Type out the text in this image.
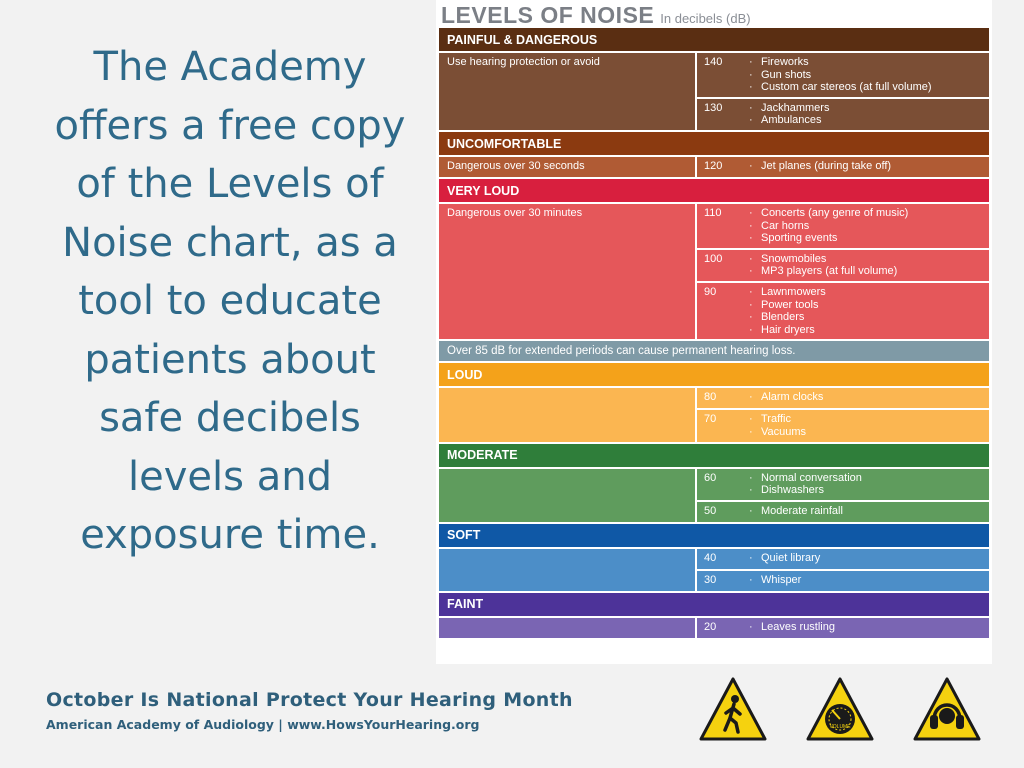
The Academy offers a free copy of the Levels of Noise chart, as a tool to educate patients about safe decibels levels and exposure time.
LEVELS OF NOISE In decibels (dB)
PAINFUL & DANGEROUS
Use hearing protection or avoid	140	· Fireworks
· Gun shots
· Custom car stereos (at full volume)
130	· Jackhammers
· Ambulances
UNCOMFORTABLE
Dangerous over 30 seconds	120	· Jet planes (during take off)
VERY LOUD
Dangerous over 30 minutes	110	· Concerts (any genre of music)
· Car horns
· Sporting events
100	· Snowmobiles
· MP3 players (at full volume)
90	· Lawnmowers
· Power tools
· Blenders
· Hair dryers
Over 85 dB for extended periods can cause permanent hearing loss.
LOUD
80	· Alarm clocks
70	· Traffic
· Vacuums
MODERATE
60	· Normal conversation
· Dishwashers
50	· Moderate rainfall
SOFT
40	· Quiet library
30	· Whisper
FAINT
20	· Leaves rustling
October Is National Protect Your Hearing Month
American Academy of Audiology | www.HowsYourHearing.org	VOLUME
